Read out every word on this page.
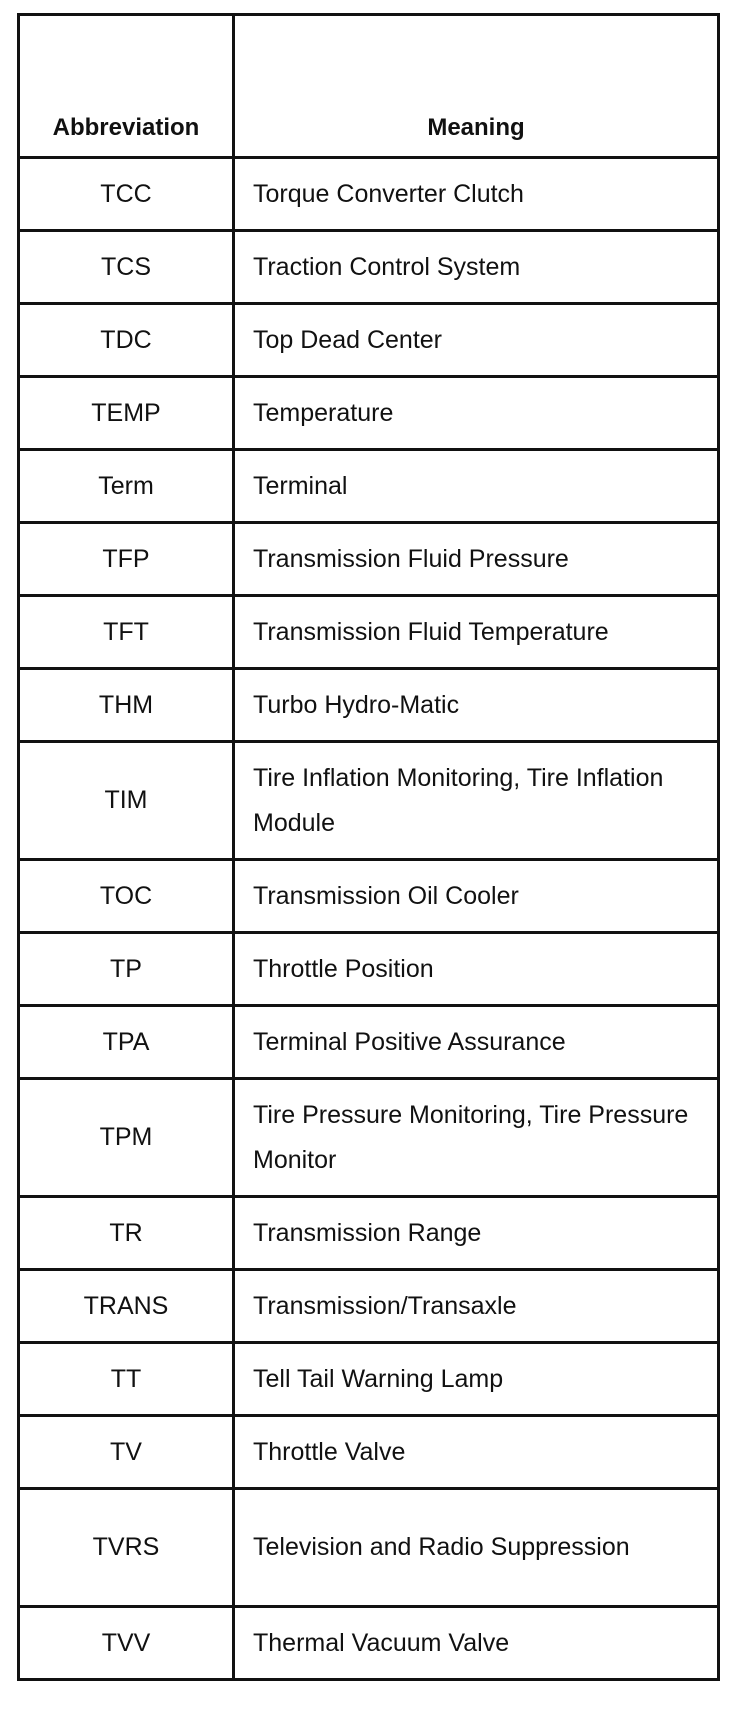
Abbreviation	Meaning
TCC	Torque Converter Clutch
TCS	Traction Control System
TDC	Top Dead Center
TEMP	Temperature
Term	Terminal
TFP	Transmission Fluid Pressure
TFT	Transmission Fluid Temperature
THM	Turbo Hydro-Matic
TIM	Tire Inflation Monitoring, Tire Inflation Module
TOC	Transmission Oil Cooler
TP	Throttle Position
TPA	Terminal Positive Assurance
TPM	Tire Pressure Monitoring, Tire Pressure Monitor
TR	Transmission Range
TRANS	Transmission/Transaxle
TT	Tell Tail Warning Lamp
TV	Throttle Valve
TVRS	Television and Radio Suppression
TVV	Thermal Vacuum Valve
